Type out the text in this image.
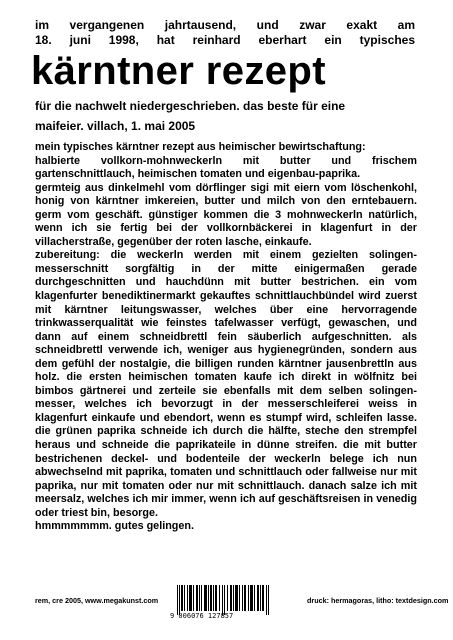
im vergangenen jahrtausend, und zwar exakt am
18. juni 1998, hat reinhard eberhart ein typisches
kärntner rezept
für die nachwelt niedergeschrieben. das beste für eine
maifeier. villach, 1. mai 2005

mein typisches kärntner rezept aus heimischer bewirtschaftung:

halbierte vollkorn-mohnweckerln mit butter und frischem gartenschnittlauch, heimischen tomaten und eigenbau-paprika.

germteig aus dinkelmehl vom dörflinger sigi mit eiern vom löschenkohl, honig von kärntner imkereien, butter und milch von den erntebauern. germ vom geschäft. günstiger kommen die 3 mohnweckerln natürlich, wenn ich sie fertig bei der vollkornbäckerei in klagenfurt in der villacherstraße, gegenüber der roten lasche, einkaufe.

zubereitung: die weckerln werden mit einem gezielten solingen-messerschnitt sorgfältig in der mitte einigermaßen gerade durchgeschnitten und hauchdünn mit butter bestrichen. ein vom klagenfurter benediktinermarkt gekauftes schnittlauchbündel wird zuerst mit kärntner leitungswasser, welches über eine hervorragende trinkwasserqualität wie feinstes tafelwasser verfügt, gewaschen, und dann auf einem schneidbrettl fein säuberlich aufgeschnitten. als schneidbrettl verwende ich, weniger aus hygienegründen, sondern aus dem gefühl der nostalgie, die billigen runden kärntner jausenbrettln aus holz. die ersten heimischen tomaten kaufe ich direkt in wölfnitz bei bimbos gärtnerei und zerteile sie ebenfalls mit dem selben solingen-messer, welches ich bevorzugt in der messerschleiferei weiss in klagenfurt einkaufe und ebendort, wenn es stumpf wird, schleifen lasse. die grünen paprika schneide ich durch die hälfte, steche den strempfel heraus und schneide die paprikateile in dünne streifen. die mit butter bestrichenen deckel- und bodenteile der weckerln belege ich nun abwechselnd mit paprika, tomaten und schnittlauch oder fallweise nur mit paprika, nur mit tomaten oder nur mit schnittlauch. danach salze ich mit meersalz, welches ich mir immer, wenn ich auf geschäftsreisen in venedig oder triest bin, besorge.

hmmmmmmm. gutes gelingen.

rem, cre 2005, www.megakunst.com
9 006076 127857
druck: hermagoras, litho: textdesign.com
